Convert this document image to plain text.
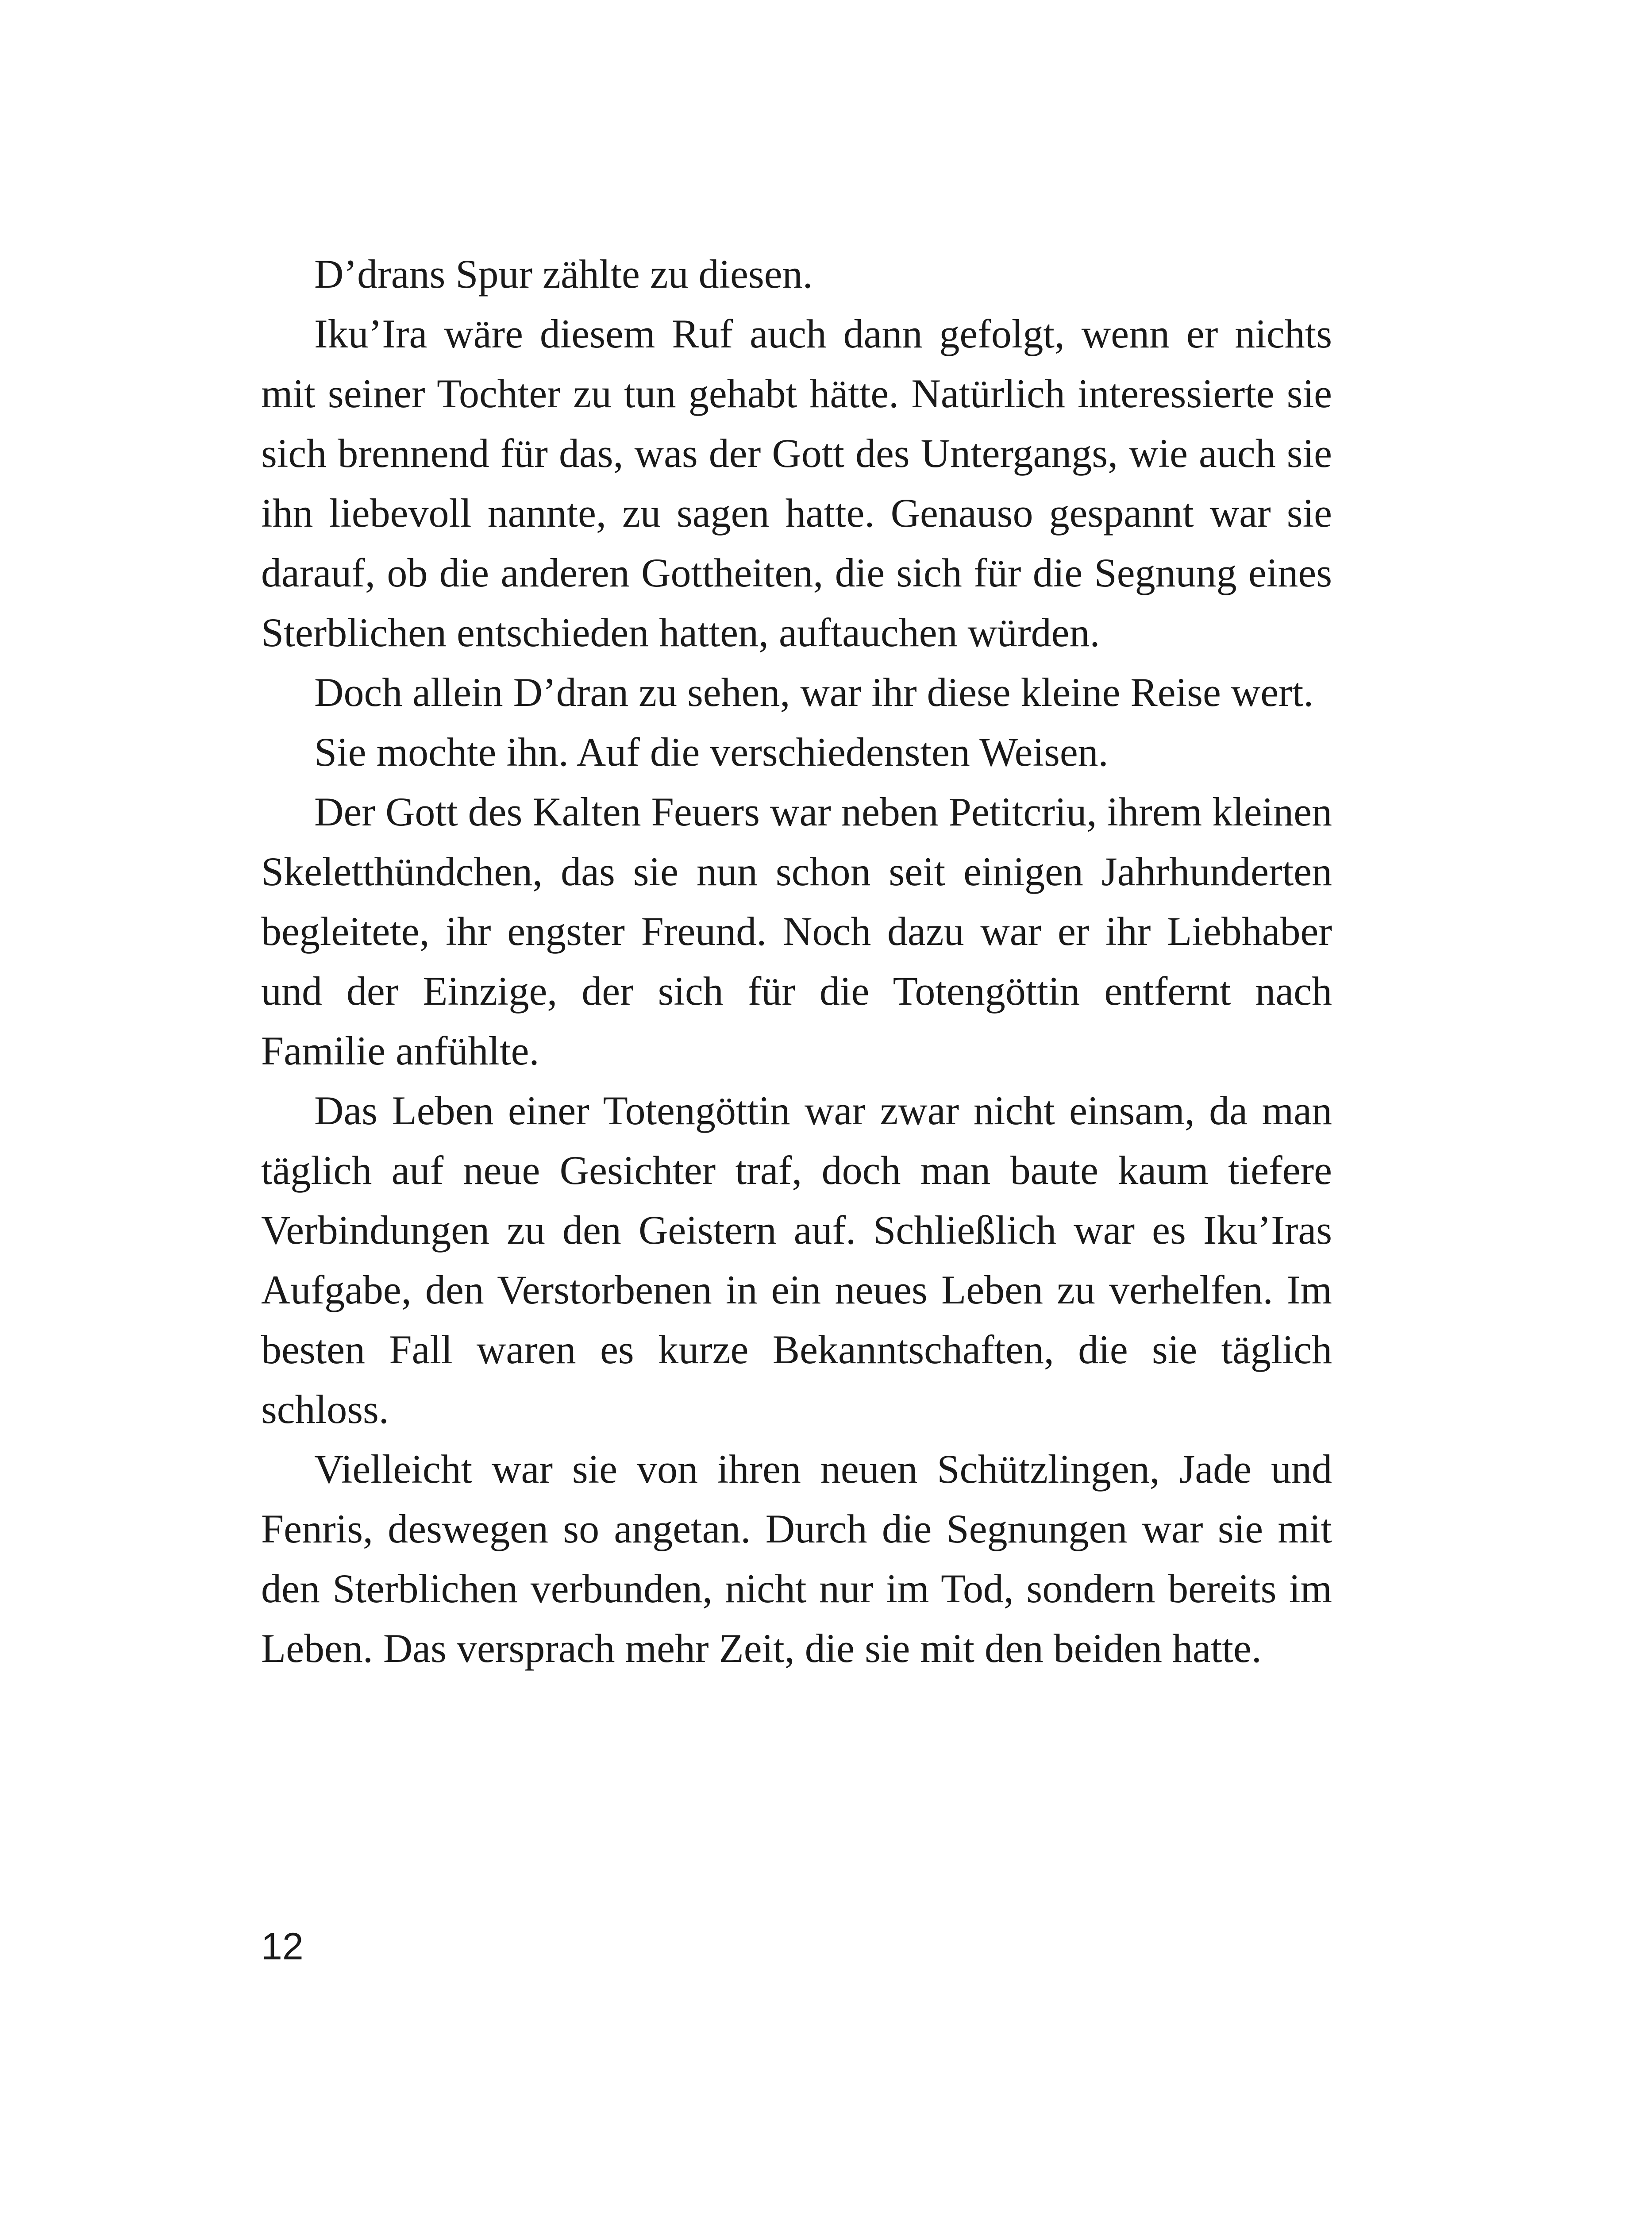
D’drans Spur zählte zu diesen.

Iku’Ira wäre diesem Ruf auch dann gefolgt, wenn er nichts mit seiner Tochter zu tun gehabt hätte. Natürlich interessierte sie sich brennend für das, was der Gott des Untergangs, wie auch sie ihn liebevoll nannte, zu sagen hatte. Genauso gespannt war sie darauf, ob die anderen Gottheiten, die sich für die Segnung eines Sterblichen entschieden hatten, auftauchen würden.

Doch allein D’dran zu sehen, war ihr diese kleine Reise wert.

Sie mochte ihn. Auf die verschiedensten Weisen.

Der Gott des Kalten Feuers war neben Petitcriu, ihrem kleinen Skeletthündchen, das sie nun schon seit einigen Jahrhunderten begleitete, ihr engster Freund. Noch dazu war er ihr Liebhaber und der Einzige, der sich für die Totengöttin entfernt nach Familie anfühlte.

Das Leben einer Totengöttin war zwar nicht einsam, da man täglich auf neue Gesichter traf, doch man baute kaum tiefere Verbindungen zu den Geistern auf. Schließlich war es Iku’Iras Aufgabe, den Verstorbenen in ein neues Leben zu verhelfen. Im besten Fall waren es kurze Bekanntschaften, die sie täglich schloss.

Vielleicht war sie von ihren neuen Schützlingen, Jade und Fenris, deswegen so angetan. Durch die Segnungen war sie mit den Sterblichen verbunden, nicht nur im Tod, sondern bereits im Leben. Das versprach mehr Zeit, die sie mit den beiden hatte.

12
